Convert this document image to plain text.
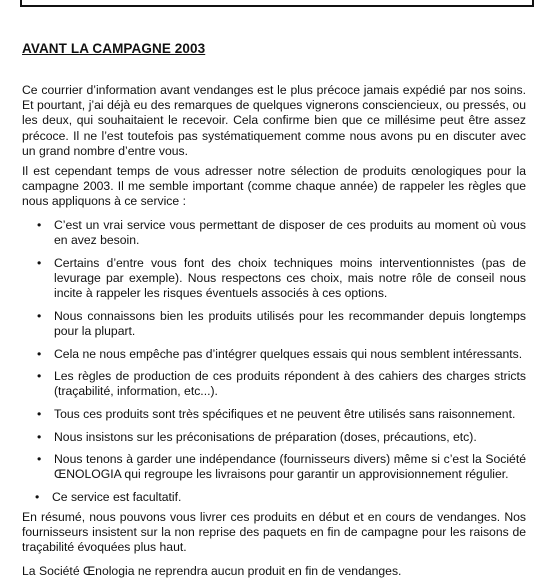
AVANT LA CAMPAGNE 2003

Ce courrier d’information avant vendanges est le plus précoce jamais expédié par nos soins. Et pourtant, j’ai déjà eu des remarques de quelques vignerons consciencieux, ou pressés, ou les deux, qui souhaitaient le recevoir. Cela confirme bien que ce millésime peut être assez précoce. Il ne l’est toutefois pas systématiquement comme nous avons pu en discuter avec un grand nombre d’entre vous.

Il est cependant temps de vous adresser notre sélection de produits œnologiques pour la campagne 2003. Il me semble important (comme chaque année) de rappeler les règles que nous appliquons à ce service :

• C’est un vrai service vous permettant de disposer de ces produits au moment où vous en avez besoin.
• Certains d’entre vous font des choix techniques moins interventionnistes (pas de levurage par exemple). Nous respectons ces choix, mais notre rôle de conseil nous incite à rappeler les risques éventuels associés à ces options.
• Nous connaissons bien les produits utilisés pour les recommander depuis longtemps pour la plupart.
• Cela ne nous empêche pas d’intégrer quelques essais qui nous semblent intéressants.
• Les règles de production de ces produits répondent à des cahiers des charges stricts (traçabilité, information, etc...).
• Tous ces produits sont très spécifiques et ne peuvent être utilisés sans raisonnement.
• Nous insistons sur les préconisations de préparation (doses, précautions, etc).
• Nous tenons à garder une indépendance (fournisseurs divers) même si c’est la Société ŒNOLOGIA qui regroupe les livraisons pour garantir un approvisionnement régulier.
• Ce service est facultatif.

En résumé, nous pouvons vous livrer ces produits en début et en cours de vendanges. Nos fournisseurs insistent sur la non reprise des paquets en fin de campagne pour les raisons de traçabilité évoquées plus haut.

La Société Œnologia ne reprendra aucun produit en fin de vendanges.
